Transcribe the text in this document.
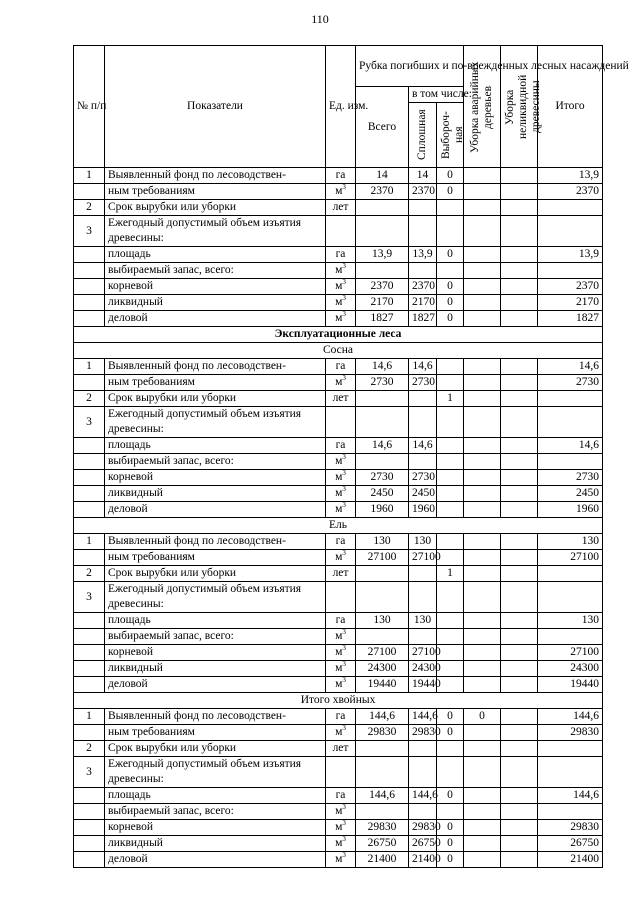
110
№ п/п	Показатели	Ед. изм.	Рубка погибших и по-врежденных лесных насаждений			Уборка аварийных деревьев	Уборка неликвидной древесины	Итого
			Всего	в том числе:				

				Сплошная	Выбороч-ная			

1	Выявленный фонд по лесоводствен-	га	14	14	0			13,9
	ным требованиям	$м^3$	2370	2370	0			2370
2	Срок вырубки или уборки	лет						
3	Ежегодный допустимый объем изъятия
древесины:							

	площадь	га	13,9	13,9	0			13,9
	выбираемый запас, всего:	$м^3$						
	корневой	$м^3$	2370	2370	0			2370
	ликвидный	$м^3$	2170	2170	0			2170
	деловой	$м^3$	1827	1827	0			1827
Эксплуатационные леса								
Сосна								
1	Выявленный фонд по лесоводствен-	га	14,6	14,6				14,6
	ным требованиям	$м^3$	2730	2730				2730
2	Срок вырубки или уборки	лет			1			
3	Ежегодный допустимый объем изъятия
древесины:							

	площадь	га	14,6	14,6				14,6
	выбираемый запас, всего:	$м^3$						
	корневой	$м^3$	2730	2730				2730
	ликвидный	$м^3$	2450	2450				2450
	деловой	$м^3$	1960	1960				1960
Ель								
1	Выявленный фонд по лесоводствен-	га	130	130				130
	ным требованиям	$м^3$	27100	27100				27100
2	Срок вырубки или уборки	лет			1			
3	Ежегодный допустимый объем изъятия
древесины:							

	площадь	га	130	130				130
	выбираемый запас, всего:	$м^3$						
	корневой	$м^3$	27100	27100				27100
	ликвидный	$м^3$	24300	24300				24300
	деловой	$м^3$	19440	19440				19440
Итого хвойных								
1	Выявленный фонд по лесоводствен-	га	144,6	144,6	0	0		144,6
	ным требованиям	$м^3$	29830	29830	0			29830
2	Срок вырубки или уборки	лет						
3	Ежегодный допустимый объем изъятия
древесины:							

	площадь	га	144,6	144,6	0			144,6
	выбираемый запас, всего:	$м^3$						
	корневой	$м^3$	29830	29830	0			29830
	ликвидный	$м^3$	26750	26750	0			26750
	деловой	$м^3$	21400	21400	0			21400
